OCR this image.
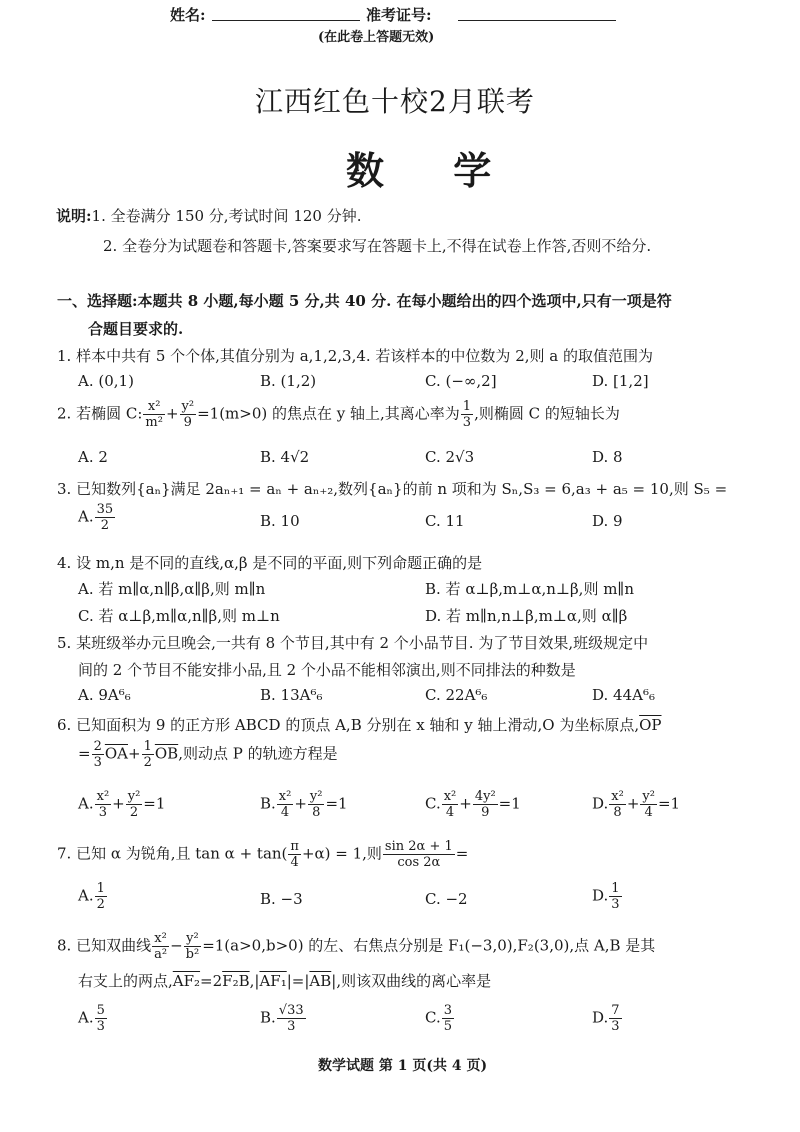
姓名:	准考证号:
(在此卷上答题无效)
江西红色十校2月联考
数 学
说明:1. 全卷满分 150 分,考试时间 120 分钟.
2. 全卷分为试题卷和答题卡,答案要求写在答题卡上,不得在试卷上作答,否则不给分.
一、选择题:本题共 8 小题,每小题 5 分,共 40 分. 在每小题给出的四个选项中,只有一项是符
合题目要求的.
1. 样本中共有 5 个个体,其值分别为 a,1,2,3,4. 若该样本的中位数为 2,则 a 的取值范围为
A. (0,1)	B. (1,2)	C. (−∞,2]	D. [1,2]
2. 若椭圆 C: $\frac{\text{x²}}{\text{m²}} + \frac{\text{y²}}{9} =1(m>0)$ 的焦点在 y 轴上,其离心率为 $\frac{1}{3}$ ,则椭圆 C 的短轴长为
A. 2	B. 4√2	C. 2√3	D. 8
3. 已知数列{aₙ}满足 2aₙ₊₁ = aₙ + aₙ₊₂,数列{aₙ}的前 n 项和为 Sₙ,S₃ = 6,a₃ + a₅ = 10,则 S₅ =
A. $\frac{35}{2}$	B. 10	C. 11	D. 9
4. 设 m,n 是不同的直线,α,β 是不同的平面,则下列命题正确的是
A. 若 m∥α,n∥β,α∥β,则 m∥n	B. 若 α⊥β,m⊥α,n⊥β,则 m∥n
C. 若 α⊥β,m∥α,n∥β,则 m⊥n	D. 若 m∥n,n⊥β,m⊥α,则 α∥β
5. 某班级举办元旦晚会,一共有 8 个节目,其中有 2 个小品节目. 为了节目效果,班级规定中
间的 2 个节目不能安排小品,且 2 个小品不能相邻演出,则不同排法的种数是
A. 9A⁶₆	B. 13A⁶₆	C. 22A⁶₆	D. 44A⁶₆
6. 已知面积为 9 的正方形 ABCD 的顶点 A,B 分别在 x 轴和 y 轴上滑动,O 为坐标原点$,\overline{OP}$
= $\frac{2}{3} \overline{OA}+ \frac{1}{2} \overline{OB}$,则动点 P 的轨迹方程是
A. $\frac{\text{x²}}{3} + \frac{\text{y²}}{2} =1$	B. $\frac{\text{x²}}{4} + \frac{\text{y²}}{8} =1$	C. $\frac{\text{x²}}{4} + \frac{\text{4y²}}{9} =1$	D. $\frac{\text{x²}}{8} + \frac{\text{y²}}{4} =1$
7. 已知 α 为锐角,且 $\tan \alpha + \tan( \frac{\pi}{4} +\alpha) = 1$,则 $\frac{\sin 2\alpha + 1}{\cos 2\alpha}$ =
A. $\frac{1}{2}$	B. −3	C. −2	D. $\frac{1}{3}$
8. 已知双曲线 $\frac{\text{x²}}{\text{a²}} - \frac{\text{y²}}{\text{b²}} =1(a>0,b>0)$ 的左、右焦点分别是 F₁(−3,0),F₂(3,0),点 A,B 是其
右支上的两点$,AF_2=2F_2B,|AF_1|=|\overline{AB}|$,则该双曲线的离心率是
A. $\frac{5}{3}$	B. $\frac{√33}{3}$	C. $\frac{3}{5}$	D. $\frac{7}{3}$
数学试题 第 1 页(共 4 页)
